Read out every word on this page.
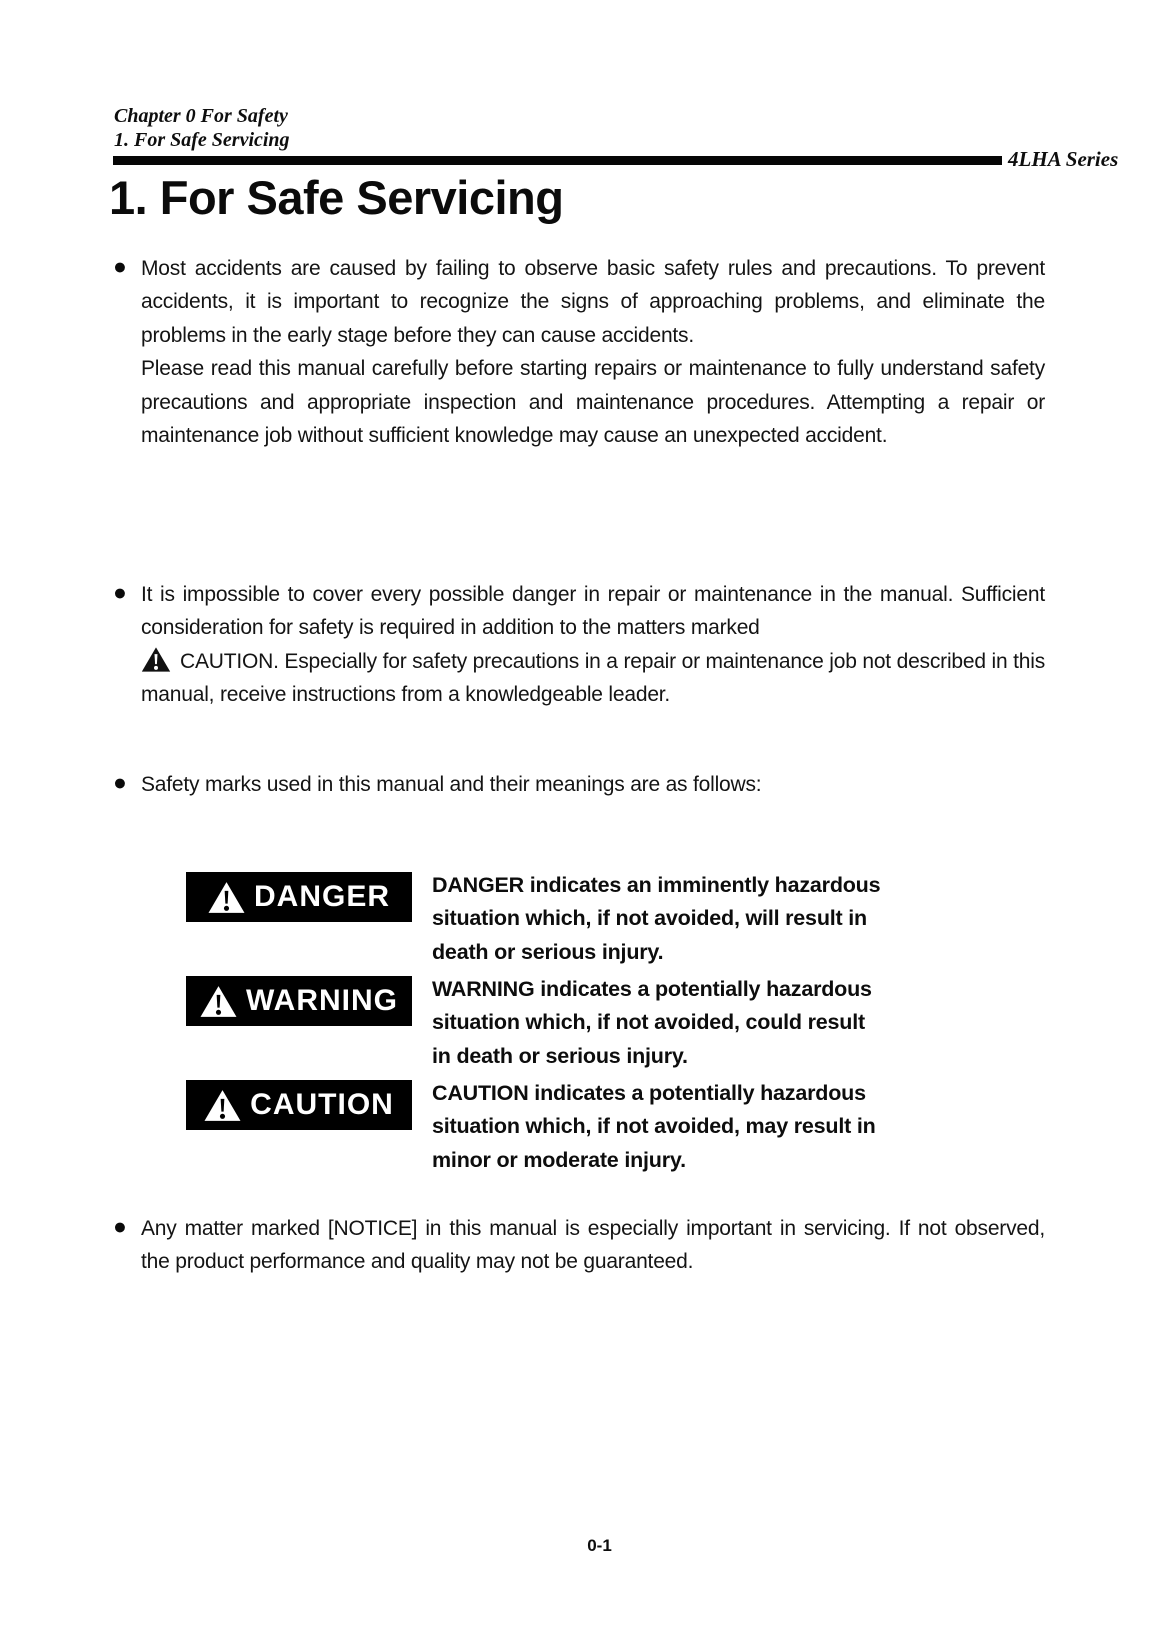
Chapter 0 For Safety
1. For Safe Servicing
4LHA Series
1. For Safe Servicing
● Most accidents are caused by failing to observe basic safety rules and precautions. To prevent accidents, it is important to recognize the signs of approaching problems, and eliminate the problems in the early stage before they can cause accidents.

Please read this manual carefully before starting repairs or maintenance to fully understand safety precautions and appropriate inspection and maintenance procedures. Attempting a repair or maintenance job without sufficient knowledge may cause an unexpected accident.

● It is impossible to cover every possible danger in repair or maintenance in the manual. Sufficient consideration for safety is required in addition to the matters marked

CAUTION. Especially for safety precautions in a repair or maintenance job not described in this manual, receive instructions from a knowledgeable leader.

● Safety marks used in this manual and their meanings are as follows:

DANGER DANGER indicates an imminently hazardous
situation which, if not avoided, will result in
death or serious injury.
WARNING WARNING indicates a potentially hazardous
situation which, if not avoided, could result
in death or serious injury.
CAUTION CAUTION indicates a potentially hazardous
situation which, if not avoided, may result in
minor or moderate injury.
● Any matter marked [NOTICE] in this manual is especially important in servicing. If not observed, the product performance and quality may not be guaranteed.

0-1
